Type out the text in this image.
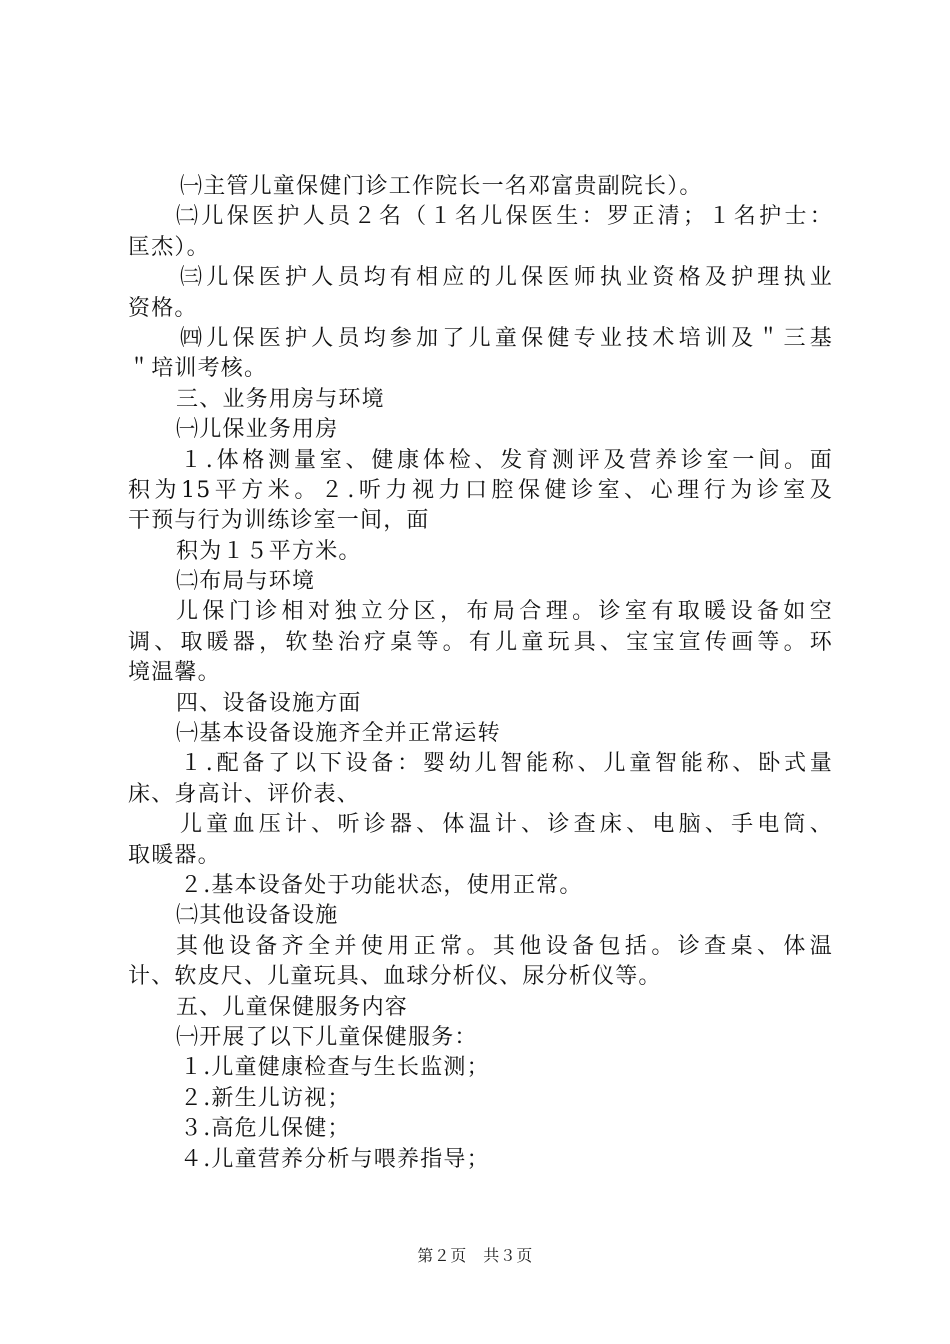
㈠主管儿童保健门诊工作院长一名邓富贵副院长）。
㈡儿保医护人员２名（１名儿保医生：罗正清；１名护士：
匡杰）。
㈢儿保医护人员均有相应的儿保医师执业资格及护理执业
资格。
㈣儿保医护人员均参加了儿童保健专业技术培训及＂三基
＂培训考核。
三、业务用房与环境
㈠儿保业务用房
１.体格测量室、健康体检、发育测评及营养诊室一间。面
积为15平方米。２.听力视力口腔保健诊室、心理行为诊室及
干预与行为训练诊室一间，面
积为１５平方米。
㈡布局与环境
儿保门诊相对独立分区，布局合理。诊室有取暖设备如空
调、取暖器，软垫治疗桌等。有儿童玩具、宝宝宣传画等。环
境温馨。
四、设备设施方面
㈠基本设备设施齐全并正常运转
１.配备了以下设备：婴幼儿智能称、儿童智能称、卧式量
床、身高计、评价表、
儿童血压计、听诊器、体温计、诊查床、电脑、手电筒、
取暖器。
２.基本设备处于功能状态，使用正常。
㈡其他设备设施
其他设备齐全并使用正常。其他设备包括。诊查桌、体温
计、软皮尺、儿童玩具、血球分析仪、尿分析仪等。
五、儿童保健服务内容
㈠开展了以下儿童保健服务：
１.儿童健康检查与生长监测；
２.新生儿访视；
３.高危儿保健；
４.儿童营养分析与喂养指导；
第２页　共３页
